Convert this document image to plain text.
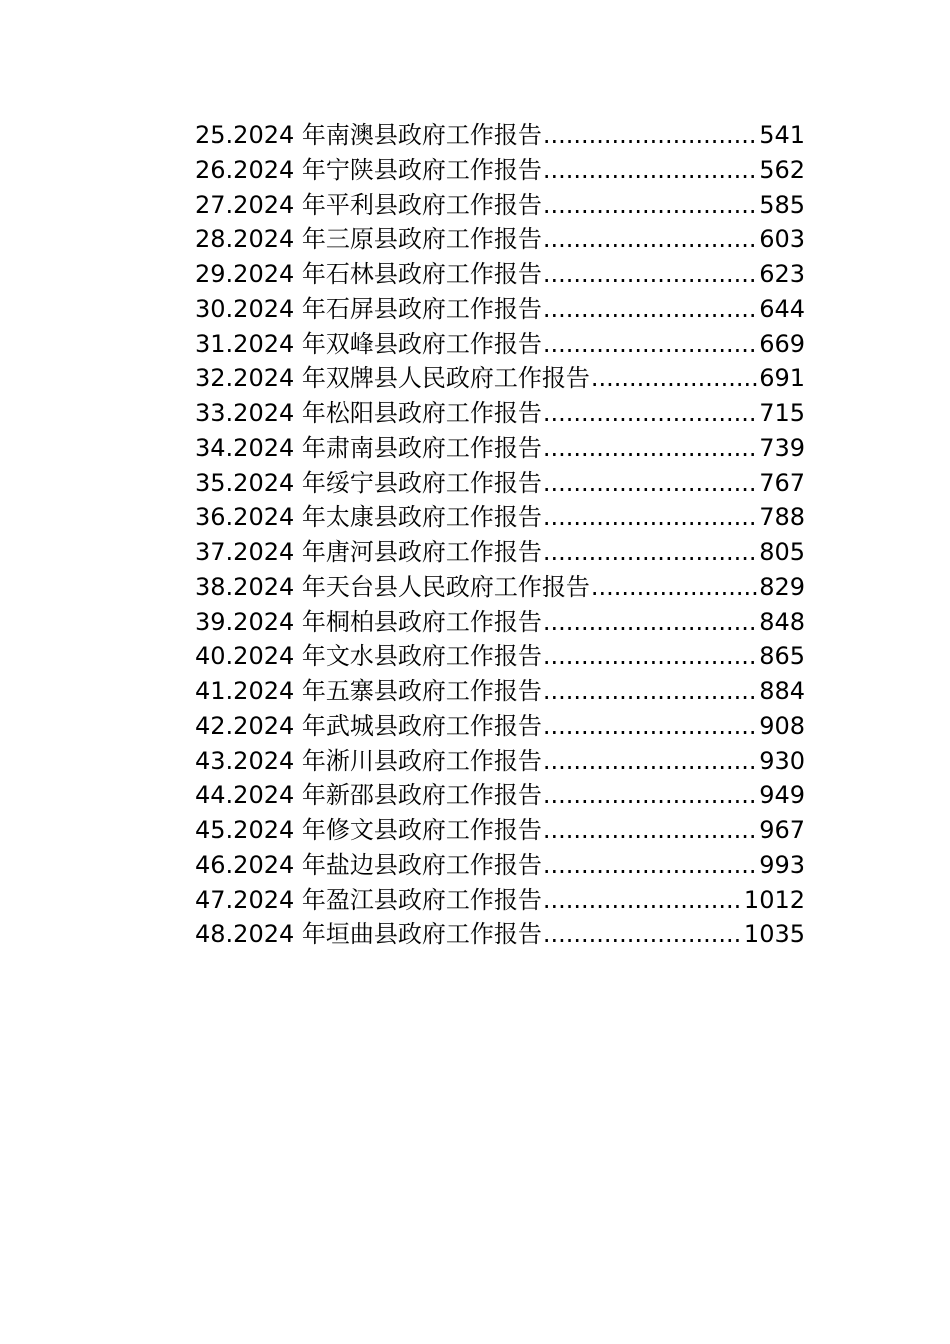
25.2024 年南澳县政府工作报告 .....	541
26.2024 年宁陕县政府工作报告 .....	562
27.2024 年平利县政府工作报告 .....	585
28.2024 年三原县政府工作报告 .....	603
29.2024 年石林县政府工作报告 .....	623
30.2024 年石屏县政府工作报告 .....	644
31.2024 年双峰县政府工作报告 .....	669
32.2024 年双牌县人民政府工作报告 .....	691
33.2024 年松阳县政府工作报告 .....	715
34.2024 年肃南县政府工作报告 .....	739
35.2024 年绥宁县政府工作报告 .....	767
36.2024 年太康县政府工作报告 .....	788
37.2024 年唐河县政府工作报告 .....	805
38.2024 年天台县人民政府工作报告 .....	829
39.2024 年桐柏县政府工作报告 .....	848
40.2024 年文水县政府工作报告 .....	865
41.2024 年五寨县政府工作报告 .....	884
42.2024 年武城县政府工作报告 .....	908
43.2024 年淅川县政府工作报告 .....	930
44.2024 年新邵县政府工作报告 .....	949
45.2024 年修文县政府工作报告 .....	967
46.2024 年盐边县政府工作报告 .....	993
47.2024 年盈江县政府工作报告 .....	1012
48.2024 年垣曲县政府工作报告 .....	1035
